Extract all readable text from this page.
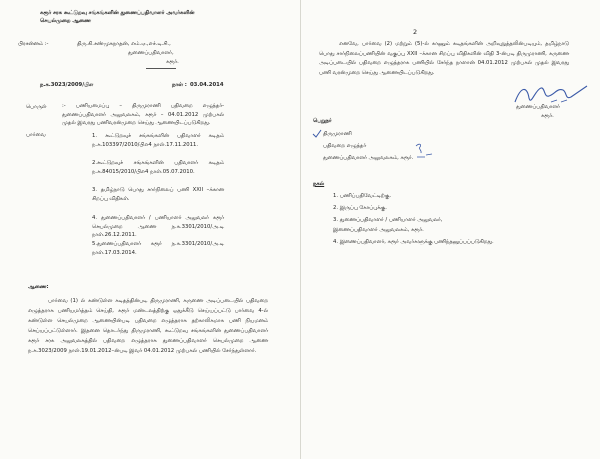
கரூர் சரக கூட்டுறவு சங்கங்களின் துணைப்பதிவாளர் அவர்களின்
செயல்முறை ஆணை
பிரசன்னம் :-	திரு.கி.சண்முகநாதன், எம்.ஏ.,எச்.டி.சி.,
துணைப்பதிவாளர்,
கரூர்.
ந.க.3023/2009/பிஎ	நாள் : 03.04.2014
பொருள்	:- பணியமைப்பு – திருமுராணி பதிவறை எழுத்தர்- துணைப்பதிவாளர் அலுவலகம், கரூர் – 04.01.2012 முற்பகல் முதல் இவரது பணிவரன்முறை செய்து ஆணையிடப்படுகிறது.
பார்வை	1. கூட்டுறவுச் சங்கங்களின் பதிவாளர் கடிதம் ந.க.103397/2010/பிஎ4 நாள்.17.11.2011.
2.கூட்டுறவுச் சங்கங்களின் பதிவாளர் கடிதம் ந.க.84015/2010/பிஎ4 நாள்.05.07.2010.
3. தமிழ்நாடு பொது சார்நிலைப் பணி XXII –க்கான சிறப்பு விதிகள்.
4. துணைப்பதிவாளர் / பணியாளர் அலுவலர் கரூர் செயல்முறை ஆணை ந.க.3301/2010/அ.டி நாள்.26.12.2011.
5.துணைப்பதிவாளர் கரூர் ந.க.3301/2010/அ.டி நாள்.17.03.2014.
ஆணை:
பார்வை (1) ல் கண்டுள்ள கடிதத்தின்படி திருமுராணி, கருணை அடிப்படையில் பதிவறை எழுத்தராக பணியமர்த்தம் செய்தி, கரூர் மண்டலத்திற்கு ஒதுக்கீடு செய்யப்பட்டு பார்வை 4-ல் கண்டுள்ள செயல்முறை ஆணையின்படி பதிவறை எழுத்தராக தற்காலிகமாக பணி நியமனம் செய்யப்பட்டுள்ளார். இதனை தொடர்ந்து திருமுராணி, கூட்டுறவு சங்கங்களின் துணைப்பதிவாளர் கரூர் சரக அலுவலகத்தில் பதிவறை எழுத்தராக துணைப்பதிவாளர் செயல்முறை ஆணை ந.க.3023/2009 நாள்.19.01.2012–ன்படி இவர் 04.01.2012 முற்பகல் பணியில் சேர்ந்துள்ளார்.
2
எனவே, பார்வை (2) மற்றும் (5)-ல் காணும் கடிதங்களின் அறிவுறுத்தலின்படியும், தமிழ்நாடு பொது சார்நிலைப்பணியின் வகுப்பு XXII –க்கான சிறப்பு விதிகளின் விதி 3-ன்படி திருமுராணி, கருணை அடிப்படையில் பதிவறை எழுத்தராக பணியில் சேர்ந்த நாளான் 04.01.2012 முற்பகல் முதல் இவரது பணி வரன்முறை செய்து ஆணையிடப்படுகிறது.
துணைப்பதிவாளர்
கரூர்.
பெறுநர்
திருமுராணி
பதிவறை எழுத்தர்
துணைப்பதிவாளர் அலுவலகம், கரூர்.
நகல்
1. பணிப்பதிவேட்டிற்கு.
2. இருப்பு கோப்புக்கு.
3. துணைப்பதிவாளர் / பணியாளர் அலுவலர்,
இணைப்பதிவாளர் அலுவலகம், கரூர்.
4. இணைப்பதிவாளர், கரூர் அவர்களுக்கு பணிந்தனுப்பப்படுகிறது.
